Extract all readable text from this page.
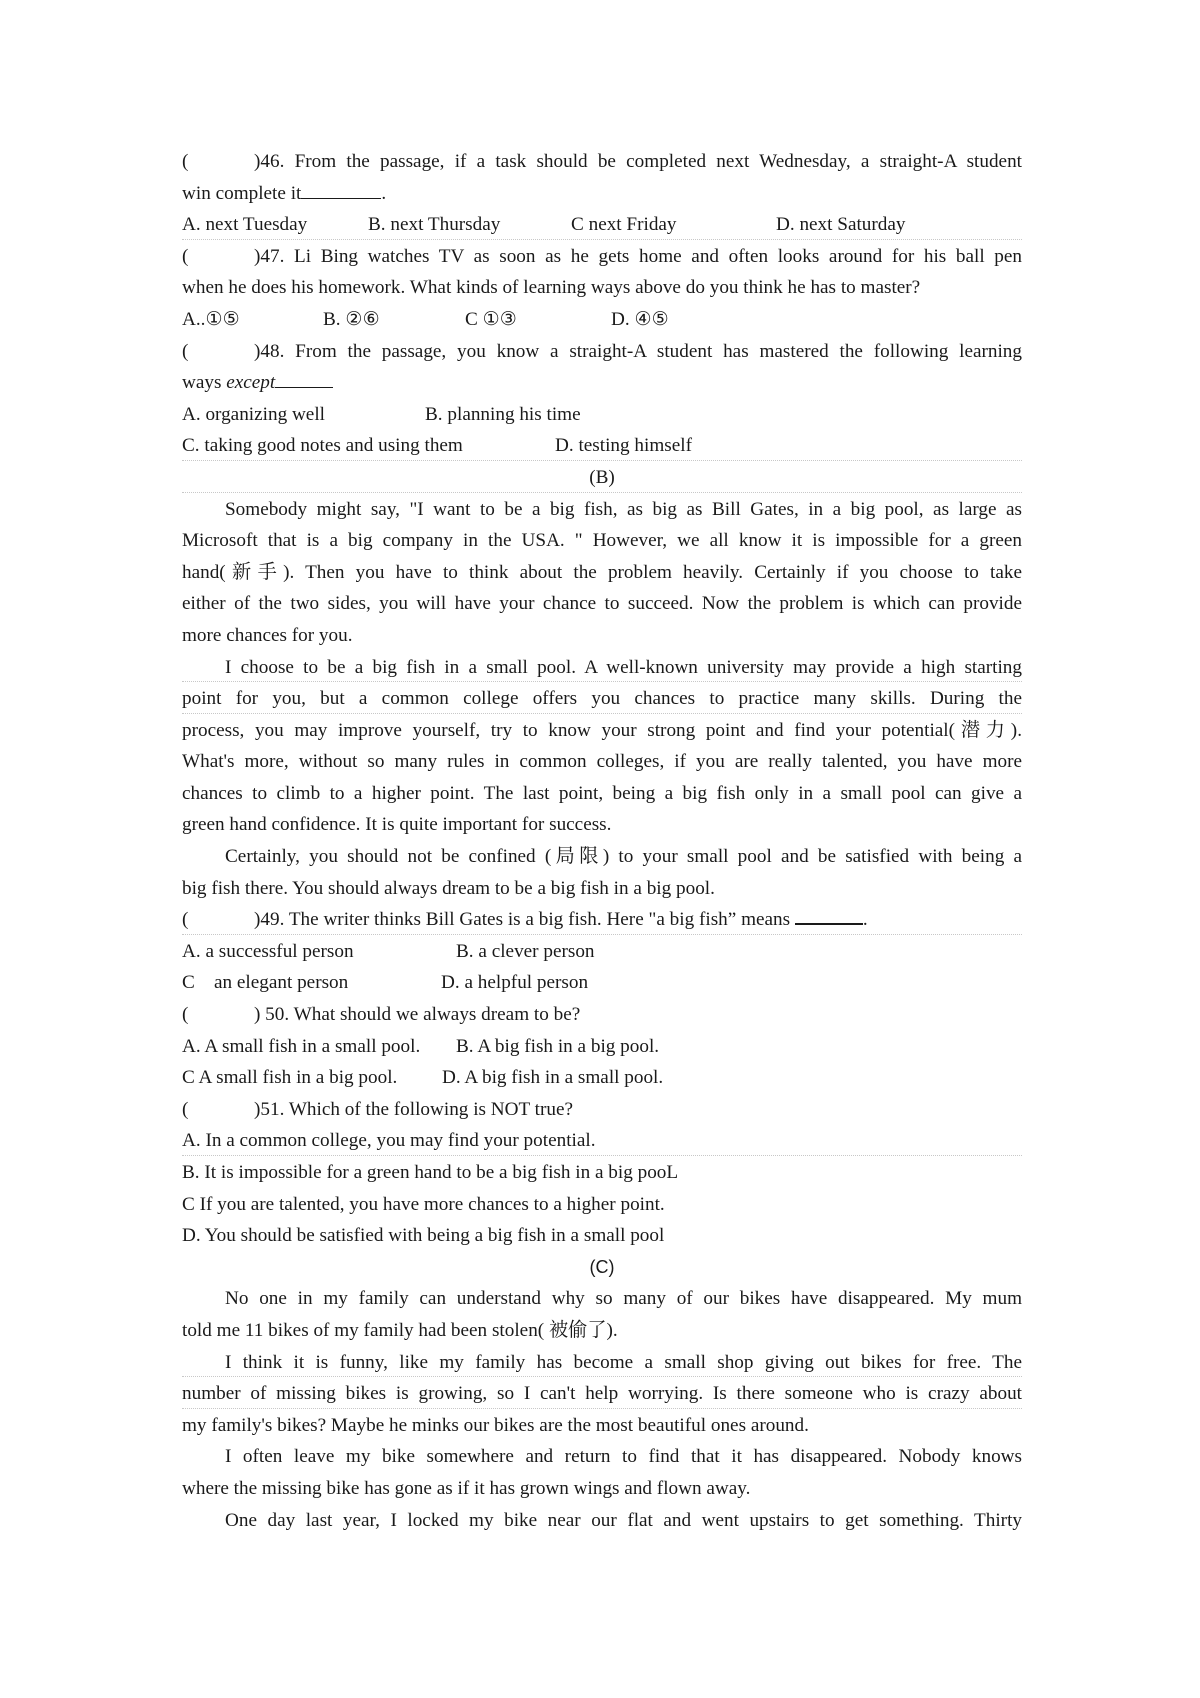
(	)46. From the passage, if a task should be completed next Wednesday, a straight-A student
win complete it	.
A. next Tuesday	B. next Thursday	C next Friday	D. next Saturday
(	)47. Li Bing watches TV as soon as he gets home and often looks around for his ball pen
when he does his homework. What kinds of learning ways above do you think he has to master?
A..①⑤	B. ②⑥	C ①③	D. ④⑤
(	)48. From the passage, you know a straight-A student has mastered the following learning
ways except
A. organizing well	B. planning his time
C. taking good notes and using them	D. testing himself
(B)
Somebody might say, "I want to be a big fish, as big as Bill Gates, in a big pool, as large as
Microsoft that is a big company in the USA. " However, we all know it is impossible for a green
hand(新手). Then you have to think about the problem heavily. Certainly if you choose to take
either of the two sides, you will have your chance to succeed. Now the problem is which can provide
more chances for you.
I choose to be a big fish in a small pool. A well-known university may provide a high starting
point for you, but a common college offers you chances to practice many skills. During the
process, you may improve yourself, try to know your strong point and find your potential(潜力).
What's more, without so many rules in common colleges, if you are really talented, you have more
chances to climb to a higher point. The last point, being a big fish only in a small pool can give a
green hand confidence. It is quite important for success.
Certainly, you should not be confined (局限) to your small pool and be satisfied with being a
big fish there. You should always dream to be a big fish in a big pool.
(	)49. The writer thinks Bill Gates is a big fish. Here "a big fish” means	.
A. a successful person	B. a clever person
C    an elegant person	D. a helpful person
(	) 50. What should we always dream to be?
A. A small fish in a small pool. B. A big fish in a big pool.
C A small fish in a big pool. D. A big fish in a small pool.
(	)51. Which of the following is NOT true?
A. In a common college, you may find your potential.
B. It is impossible for a green hand to be a big fish in a big pooL
C If you are talented, you have more chances to a higher point.
D. You should be satisfied with being a big fish in a small pool
(C)
No one in my family can understand why so many of our bikes have disappeared. My mum
told me 11 bikes of my family had been stolen( 被偷了).
I think it is funny, like my family has become a small shop giving out bikes for free. The
number of missing bikes is growing, so I can't help worrying. Is there someone who is crazy about
my family's bikes? Maybe he minks our bikes are the most beautiful ones around.
I often leave my bike somewhere and return to find that it has disappeared. Nobody knows
where the missing bike has gone as if it has grown wings and flown away.
One day last year, I locked my bike near our flat and went upstairs to get something. Thirty
